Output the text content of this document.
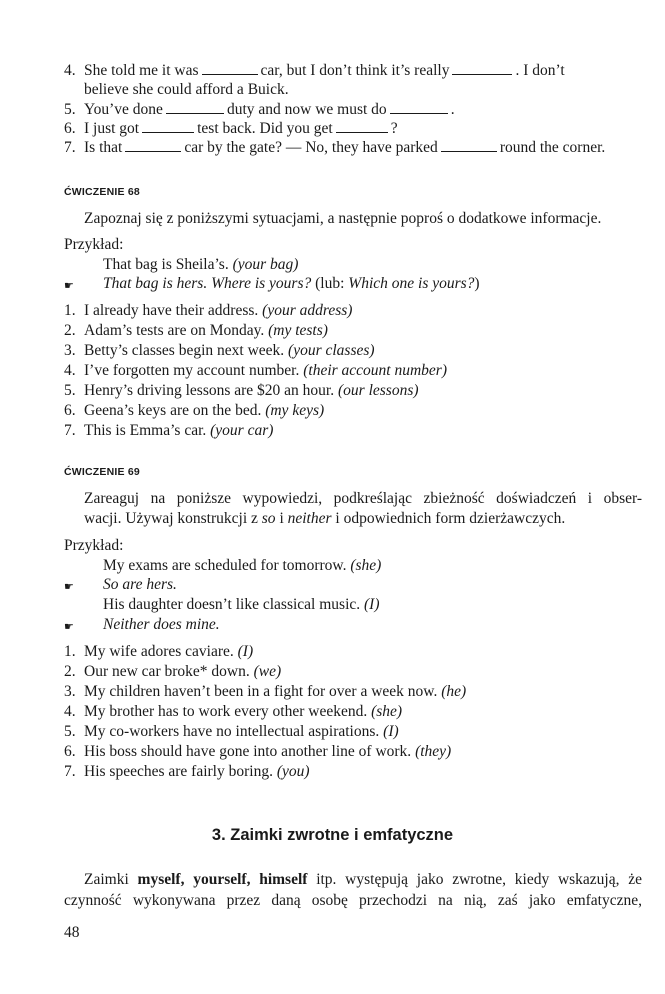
4. She told me it was	car, but I don’t think it’s really	. I don’t
believe she could afford a Buick.
5. You’ve done	duty and now we must do	.
6. I just got	test back. Did you get	?
7. Is that	car by the gate? — No, they have parked	round the corner.
ĆWICZENIE 68
Zapoznaj się z poniższymi sytuacjami, a następnie poproś o dodatkowe informacje.
Przykład:
That bag is Sheila’s. (your bag)
☛ That bag is hers. Where is yours? (lub: Which one is yours?)
1. I already have their address. (your address)
2. Adam’s tests are on Monday. (my tests)
3. Betty’s classes begin next week. (your classes)
4. I’ve forgotten my account number. (their account number)
5. Henry’s driving lessons are $20 an hour. (our lessons)
6. Geena’s keys are on the bed. (my keys)
7. This is Emma’s car. (your car)
ĆWICZENIE 69
Zareaguj na poniższe wypowiedzi, podkreślając zbieżność doświadczeń i obser-
wacji. Używaj konstrukcji z so i neither i odpowiednich form dzierżawczych.
Przykład:
My exams are scheduled for tomorrow. (she)
☛ So are hers.
His daughter doesn’t like classical music. (I)
☛ Neither does mine.
1. My wife adores caviare. (I)
2. Our new car broke* down. (we)
3. My children haven’t been in a fight for over a week now. (he)
4. My brother has to work every other weekend. (she)
5. My co-workers have no intellectual aspirations. (I)
6. His boss should have gone into another line of work. (they)
7. His speeches are fairly boring. (you)
3. Zaimki zwrotne i emfatyczne
Zaimki myself, yourself, himself itp. występują jako zwrotne, kiedy wskazują, że
czynność wykonywana przez daną osobę przechodzi na nią, zaś jako emfatyczne,
48
